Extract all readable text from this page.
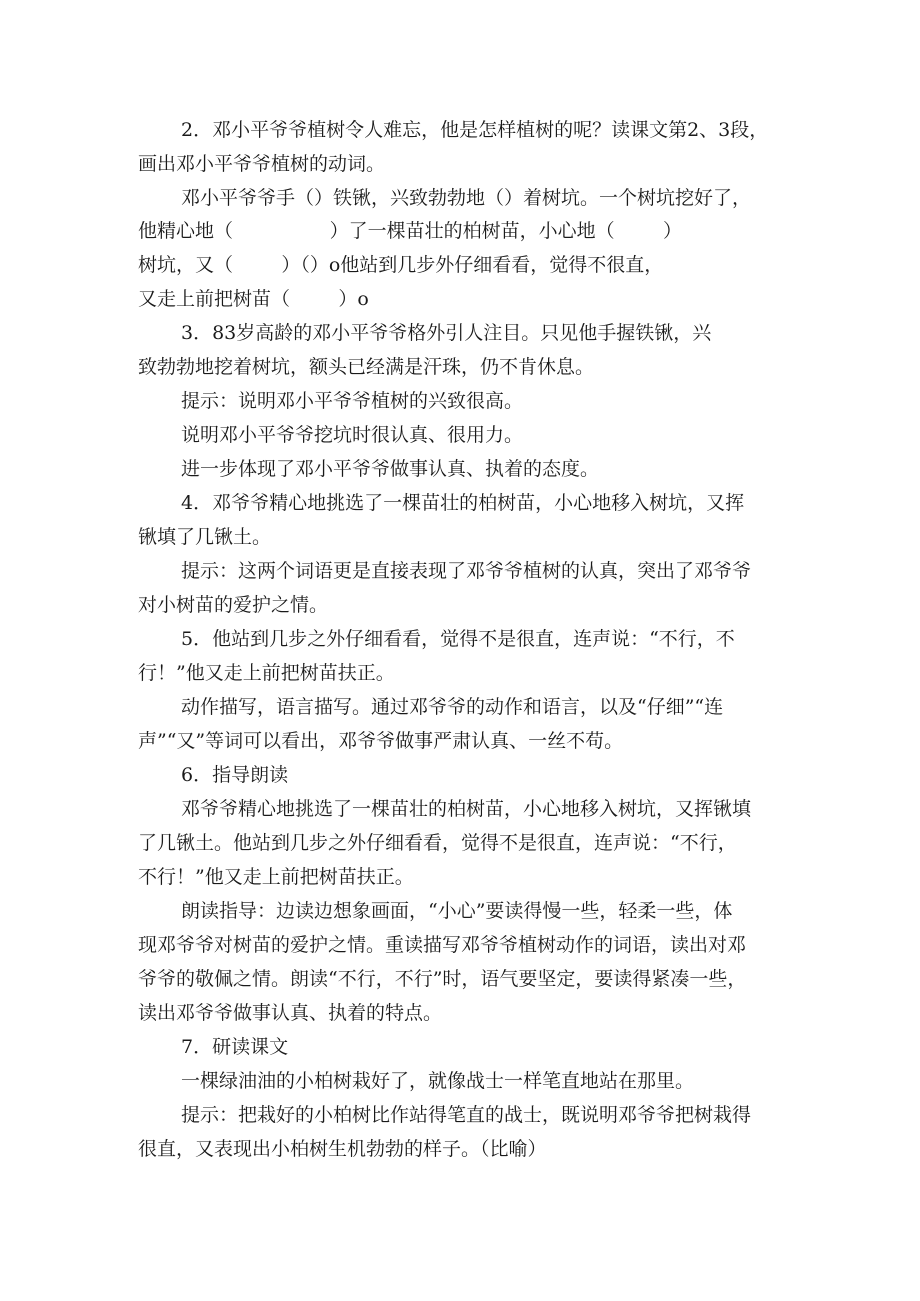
2．邓小平爷爷植树令人难忘，他是怎样植树的呢？读课文第2、3段，

画出邓小平爷爷植树的动词。

邓小平爷爷手（）铁锹，兴致勃勃地（）着树坑。一个树坑挖好了，

他精心地（                ）了一棵苗壮的柏树苗，小心地（        ）

树坑，又（        ）（）o他站到几步外仔细看看，觉得不很直，

又走上前把树苗（        ）o

3．83岁高龄的邓小平爷爷格外引人注目。只见他手握铁锹，兴

致勃勃地挖着树坑，额头已经满是汗珠，仍不肯休息。

提示：说明邓小平爷爷植树的兴致很高。

说明邓小平爷爷挖坑时很认真、很用力。

进一步体现了邓小平爷爷做事认真、执着的态度。

4．邓爷爷精心地挑选了一棵苗壮的柏树苗，小心地移入树坑，又挥

锹填了几锹土。

提示：这两个词语更是直接表现了邓爷爷植树的认真，突出了邓爷爷

对小树苗的爱护之情。

5．他站到几步之外仔细看看，觉得不是很直，连声说：“不行，不

行！”他又走上前把树苗扶正。

动作描写，语言描写。通过邓爷爷的动作和语言，以及“仔细”“连

声”“又”等词可以看出，邓爷爷做事严肃认真、一丝不苟。

6．指导朗读

邓爷爷精心地挑选了一棵苗壮的柏树苗，小心地移入树坑，又挥锹填

了几锹土。他站到几步之外仔细看看，觉得不是很直，连声说：“不行，

不行！”他又走上前把树苗扶正。

朗读指导：边读边想象画面，“小心”要读得慢一些，轻柔一些，体

现邓爷爷对树苗的爱护之情。重读描写邓爷爷植树动作的词语，读出对邓

爷爷的敬佩之情。朗读“不行，不行”时，语气要坚定，要读得紧凑一些，

读出邓爷爷做事认真、执着的特点。

7．研读课文

一棵绿油油的小柏树栽好了，就像战士一样笔直地站在那里。

提示：把栽好的小柏树比作站得笔直的战士，既说明邓爷爷把树栽得

很直，又表现出小柏树生机勃勃的样子。（比喻）
